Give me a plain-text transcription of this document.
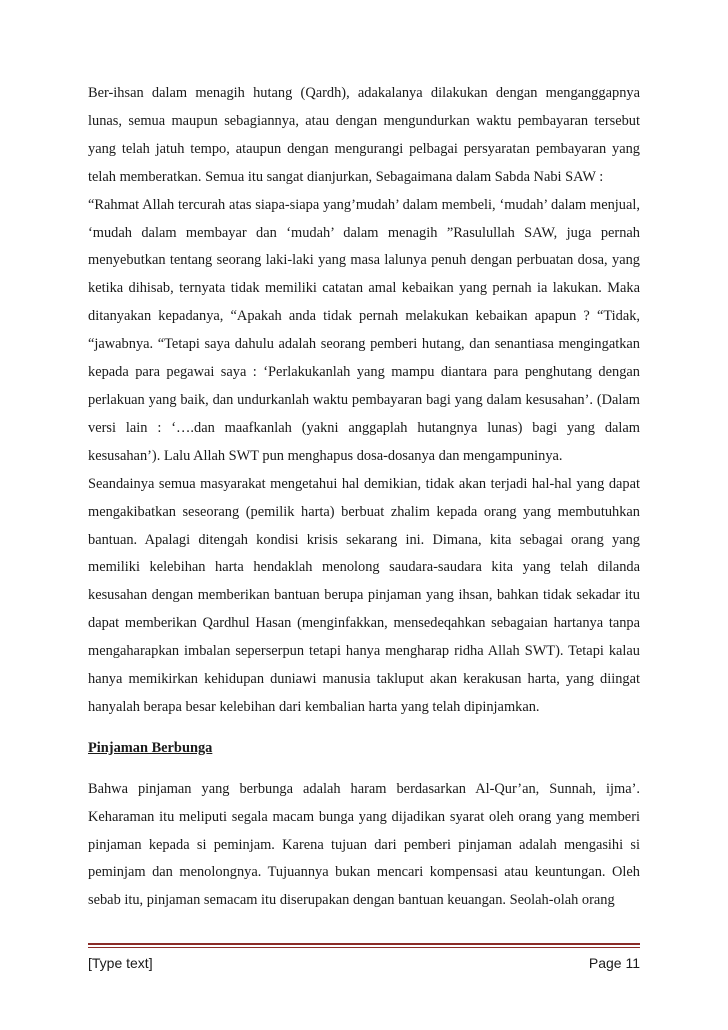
Ber-ihsan dalam menagih hutang (Qardh), adakalanya dilakukan dengan menganggapnya lunas, semua maupun sebagiannya, atau dengan mengundurkan waktu pembayaran tersebut yang telah jatuh tempo, ataupun dengan mengurangi pelbagai persyaratan pembayaran yang telah memberatkan. Semua itu sangat dianjurkan, Sebagaimana dalam Sabda Nabi SAW :

“Rahmat Allah tercurah atas siapa-siapa yang’mudah’ dalam membeli, ‘mudah’ dalam menjual, ‘mudah dalam membayar dan ‘mudah’ dalam menagih ”Rasulullah SAW, juga pernah menyebutkan tentang seorang laki-laki yang masa lalunya penuh dengan perbuatan dosa, yang ketika dihisab, ternyata tidak memiliki catatan amal kebaikan yang pernah ia lakukan. Maka ditanyakan kepadanya, “Apakah anda tidak pernah melakukan kebaikan apapun ? “Tidak, “jawabnya. “Tetapi saya dahulu adalah seorang pemberi hutang, dan senantiasa mengingatkan kepada para pegawai saya : ‘Perlakukanlah yang mampu diantara para penghutang dengan perlakuan yang baik, dan undurkanlah waktu pembayaran bagi yang dalam kesusahan’. (Dalam versi lain : ‘….dan maafkanlah (yakni anggaplah hutangnya lunas) bagi yang dalam kesusahan’). Lalu Allah SWT pun menghapus dosa-dosanya dan mengampuninya.

Seandainya semua masyarakat mengetahui hal demikian, tidak akan terjadi hal-hal yang dapat mengakibatkan seseorang (pemilik harta) berbuat zhalim kepada orang yang membutuhkan bantuan. Apalagi ditengah kondisi krisis sekarang ini. Dimana, kita sebagai orang yang memiliki kelebihan harta hendaklah menolong saudara-saudara kita yang telah dilanda kesusahan dengan memberikan bantuan berupa pinjaman yang ihsan, bahkan tidak sekadar itu dapat memberikan Qardhul Hasan (menginfakkan, mensedeqahkan sebagaian hartanya tanpa mengaharapkan imbalan seperserpun tetapi hanya mengharap ridha Allah SWT). Tetapi kalau hanya memikirkan kehidupan duniawi manusia takluput akan kerakusan harta, yang diingat hanyalah berapa besar kelebihan dari kembalian harta yang telah dipinjamkan.

Pinjaman Berbunga

Bahwa pinjaman yang berbunga adalah haram berdasarkan Al-Qur’an, Sunnah, ijma’. Keharaman itu meliputi segala macam bunga yang dijadikan syarat oleh orang yang memberi pinjaman kepada si peminjam. Karena tujuan dari pemberi pinjaman adalah mengasihi si peminjam dan menolongnya. Tujuannya bukan mencari kompensasi atau keuntungan. Oleh sebab itu, pinjaman semacam itu diserupakan dengan bantuan keuangan. Seolah-olah orang

[Type text]	Page 11
